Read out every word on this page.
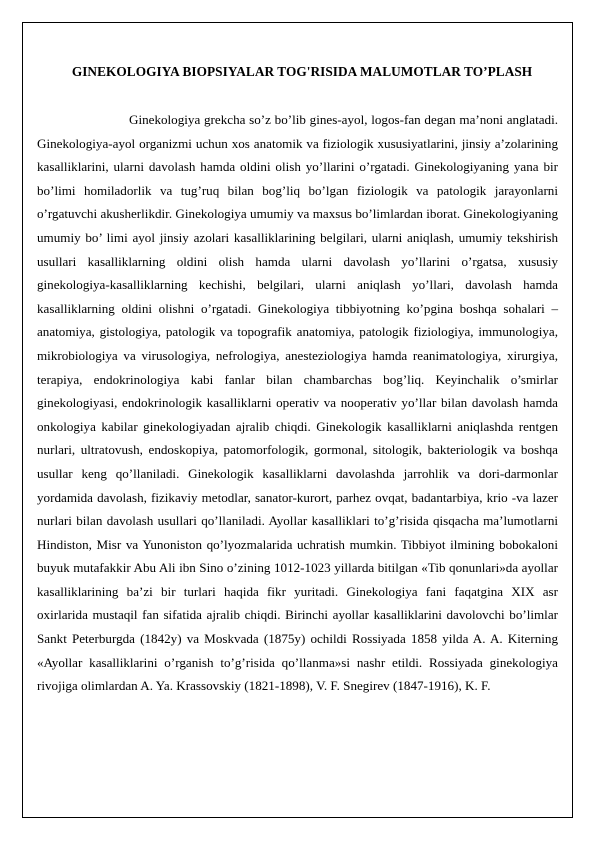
GINEKOLOGIYA BIOPSIYALAR TOG'RISIDA MALUMOTLAR TO’PLASH

Ginekologiya grekcha so’z bo’lib gines-ayol, logos-fan degan ma’noni anglatadi. Ginekologiya-ayol organizmi uchun xos anatomik va fiziologik xususiyatlarini, jinsiy a’zolarining kasalliklarini, ularni davolash hamda oldini olish yo’llarini o’rgatadi. Ginekologiyaning yana bir bo’limi homiladorlik va tug’ruq bilan bog’liq bo’lgan fiziologik va patologik jarayonlarni o’rgatuvchi akusherlikdir. Ginekologiya umumiy va maxsus bo’limlardan iborat. Ginekologiyaning umumiy bo’ limi ayol jinsiy azolari kasalliklarining belgilari, ularni aniqlash, umumiy tekshirish usullari kasalliklarning oldini olish hamda ularni davolash yo’llarini o’rgatsa, xususiy ginekologiya-kasalliklarning kechishi, belgilari, ularni aniqlash yo’llari, davolash hamda kasalliklarning oldini olishni o’rgatadi. Ginekologiya tibbiyotning ko’pgina boshqa sohalari – anatomiya, gistologiya, patologik va topografik anatomiya, patologik fiziologiya, immunologiya, mikrobiologiya va virusologiya, nefrologiya, anesteziologiya hamda reanimatologiya, xirurgiya, terapiya, endokrinologiya kabi fanlar bilan chambarchas bog’liq. Keyinchalik o’smirlar ginekologiyasi, endokrinologik kasalliklarni operativ va nooperativ yo’llar bilan davolash hamda onkologiya kabilar ginekologiyadan ajralib chiqdi. Ginekologik kasalliklarni aniqlashda rentgen nurlari, ultratovush, endoskopiya, patomorfologik, gormonal, sitologik, bakteriologik va boshqa usullar keng qo’llaniladi. Ginekologik kasalliklarni davolashda jarrohlik va dori-darmonlar yordamida davolash, fizikaviy metodlar, sanator-kurort, parhez ovqat, badantarbiya, krio -va lazer nurlari bilan davolash usullari qo’llaniladi. Ayollar kasalliklari to’g’risida qisqacha ma’lumotlarni Hindiston, Misr va Yunoniston qo’lyozmalarida uchratish mumkin. Tibbiyot ilmining bobokaloni buyuk mutafakkir Abu Ali ibn Sino o’zining 1012-1023 yillarda bitilgan «Tib qonunlari»da ayollar kasalliklarining ba’zi bir turlari haqida fikr yuritadi. Ginekologiya fani faqatgina XIX asr oxirlarida mustaqil fan sifatida ajralib chiqdi. Birinchi ayollar kasalliklarini davolovchi bo’limlar Sankt Peterburgda (1842y) va Moskvada (1875y) ochildi Rossiyada 1858 yilda A. A. Kiterning «Ayollar kasalliklarini o’rganish to’g’risida qo’llanma»si nashr etildi. Rossiyada ginekologiya rivojiga olimlardan A. Ya. Krassovskiy (1821-1898), V. F. Snegirev (1847-1916), K. F.
